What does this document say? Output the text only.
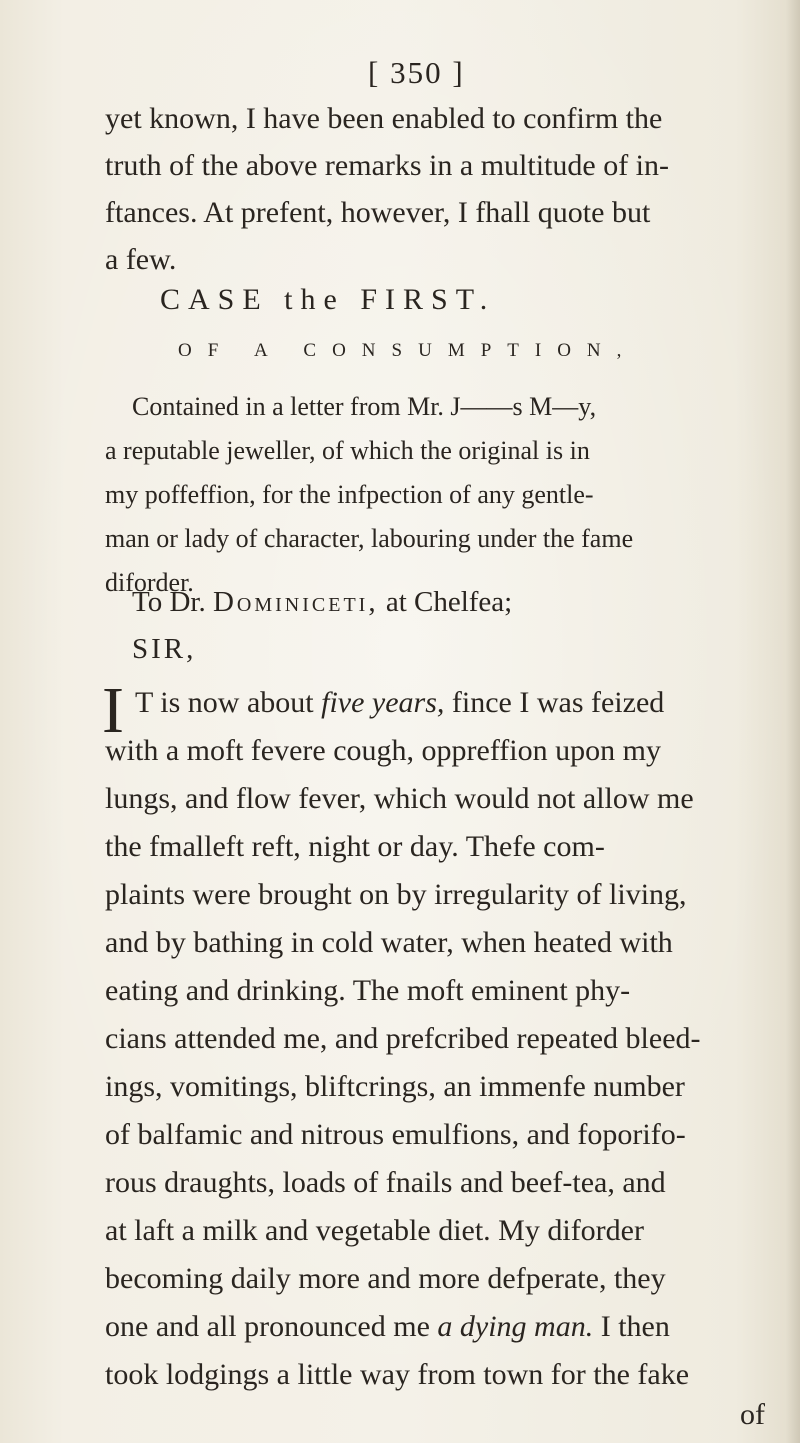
[ 350 ]
yet known, I have been enabled to confirm the
truth of the above remarks in a multitude of in-
ftances. At prefent, however, I fhall quote but
a few.
CASE the FIRST.
OF A CONSUMPTION,
Contained in a letter from Mr. J——s M—y,
a reputable jeweller, of which the original is in
my poffeffion, for the infpection of any gentle-
man or lady of character, labouring under the fame
diforder.
To Dr. Dominiceti, at Chelfea;
SIR,
I T is now about five years, fince I was feized
with a moft fevere cough, oppreffion upon my
lungs, and flow fever, which would not allow me
the fmalleft reft, night or day. Thefe com-
plaints were brought on by irregularity of living,
and by bathing in cold water, when heated with
eating and drinking. The moft eminent phy-
cians attended me, and prefcribed repeated bleed-
ings, vomitings, bliftcrings, an immenfe number
of balfamic and nitrous emulfions, and foporifo-
rous draughts, loads of fnails and beef-tea, and
at laft a milk and vegetable diet. My diforder
becoming daily more and more defperate, they
one and all pronounced me a dying man. I then
took lodgings a little way from town for the fake
of
